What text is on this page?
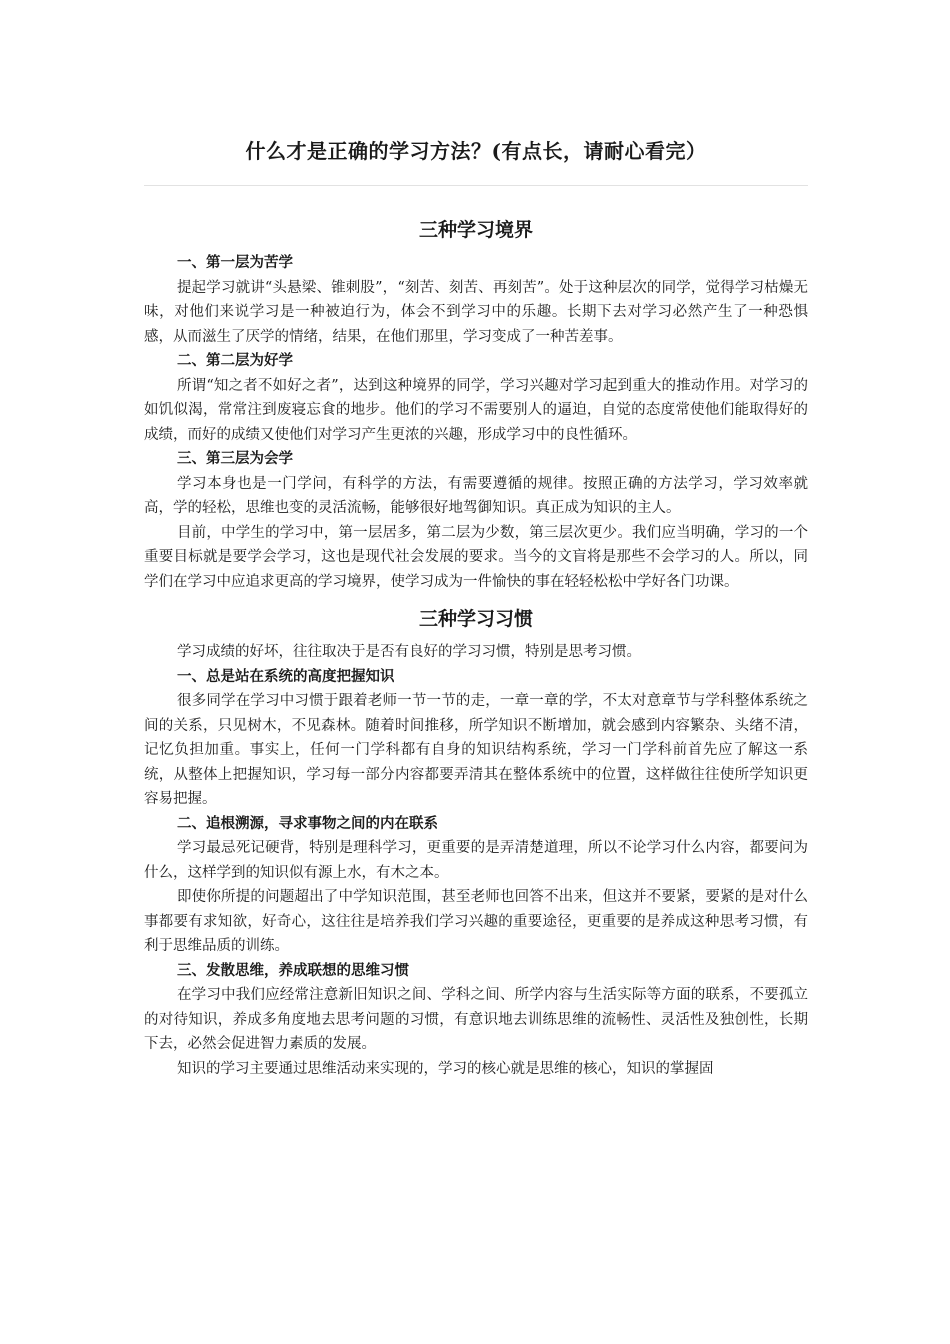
什么才是正确的学习方法？(有点长，请耐心看完）
三种学习境界

一、第一层为苦学

提起学习就讲“头悬梁、锥刺股”，“刻苦、刻苦、再刻苦”。处于这种层次的同学，觉得学习枯燥无味，对他们来说学习是一种被迫行为，体会不到学习中的乐趣。长期下去对学习必然产生了一种恐惧感，从而滋生了厌学的情绪，结果，在他们那里，学习变成了一种苦差事。

二、第二层为好学

所谓“知之者不如好之者”，达到这种境界的同学，学习兴趣对学习起到重大的推动作用。对学习的如饥似渴，常常注到废寝忘食的地步。他们的学习不需要别人的逼迫，自觉的态度常使他们能取得好的成绩，而好的成绩又使他们对学习产生更浓的兴趣，形成学习中的良性循环。

三、第三层为会学

学习本身也是一门学问，有科学的方法，有需要遵循的规律。按照正确的方法学习，学习效率就高，学的轻松，思维也变的灵活流畅，能够很好地驾御知识。真正成为知识的主人。

目前，中学生的学习中，第一层居多，第二层为少数，第三层次更少。我们应当明确，学习的一个重要目标就是要学会学习，这也是现代社会发展的要求。当今的文盲将是那些不会学习的人。所以，同学们在学习中应追求更高的学习境界，使学习成为一件愉快的事在轻轻松松中学好各门功课。

三种学习习惯

学习成绩的好坏，往往取决于是否有良好的学习习惯，特别是思考习惯。

一、总是站在系统的高度把握知识

很多同学在学习中习惯于跟着老师一节一节的走，一章一章的学，不太对意章节与学科整体系统之间的关系，只见树木，不见森林。随着时间推移，所学知识不断增加，就会感到内容繁杂、头绪不清，记忆负担加重。事实上，任何一门学科都有自身的知识结构系统，学习一门学科前首先应了解这一系统，从整体上把握知识，学习每一部分内容都要弄清其在整体系统中的位置，这样做往往使所学知识更容易把握。

二、追根溯源，寻求事物之间的内在联系

学习最忌死记硬背，特别是理科学习，更重要的是弄清楚道理，所以不论学习什么内容，都要问为什么，这样学到的知识似有源上水，有木之本。

即使你所提的问题超出了中学知识范围，甚至老师也回答不出来，但这并不要紧，要紧的是对什么事都要有求知欲，好奇心，这往往是培养我们学习兴趣的重要途径，更重要的是养成这种思考习惯，有利于思维品质的训练。

三、发散思维，养成联想的思维习惯

在学习中我们应经常注意新旧知识之间、学科之间、所学内容与生活实际等方面的联系，不要孤立的对待知识，养成多角度地去思考问题的习惯，有意识地去训练思维的流畅性、灵活性及独创性，长期下去，必然会促进智力素质的发展。

知识的学习主要通过思维活动来实现的，学习的核心就是思维的核心，知识的掌握固
